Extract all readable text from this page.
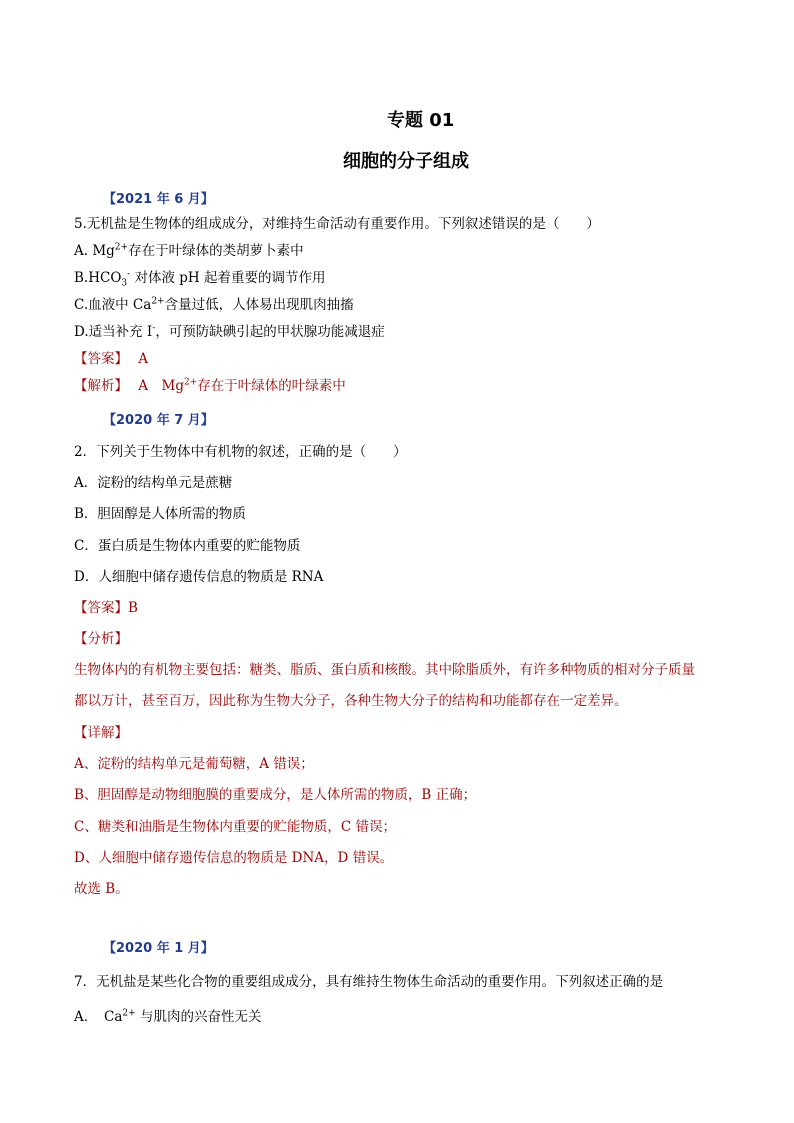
专题 01
细胞的分子组成
【2021 年 6 月】
5.无机盐是生物体的组成成分，对维持生命活动有重要作用。下列叙述错误的是（　　）
A. $Mg^{2+}$存在于叶绿体的类胡萝卜素中
$B.HCO_3^-$ 对体液 pH 起着重要的调节作用
C.血液中 $Ca^{2+}$含量过低，人体易出现肌肉抽搐
D.适当补充 I-，可预防缺碘引起的甲状腺功能减退症
【答案】 A
【解析】 A　$Mg^{2+}$存在于叶绿体的叶绿素中
【2020 年 7 月】
2．下列关于生物体中有机物的叙述，正确的是（　　）
A．淀粉的结构单元是蔗糖
B．胆固醇是人体所需的物质
C．蛋白质是生物体内重要的贮能物质
D．人细胞中储存遗传信息的物质是 RNA
【答案】B
【分析】
生物体内的有机物主要包括：糖类、脂质、蛋白质和核酸。其中除脂质外，有许多种物质的相对分子质量
都以万计，甚至百万，因此称为生物大分子，各种生物大分子的结构和功能都存在一定差异。
【详解】
A、淀粉的结构单元是葡萄糖，A 错误；
B、胆固醇是动物细胞膜的重要成分，是人体所需的物质，B 正确；
C、糖类和油脂是生物体内重要的贮能物质，C 错误；
D、人细胞中储存遗传信息的物质是 DNA，D 错误。
故选 B。
【2020 年 1 月】
7．无机盐是某些化合物的重要组成成分，具有维持生物体生命活动的重要作用。下列叙述正确的是
A．　$Ca^{2+}$ 与肌肉的兴奋性无关
